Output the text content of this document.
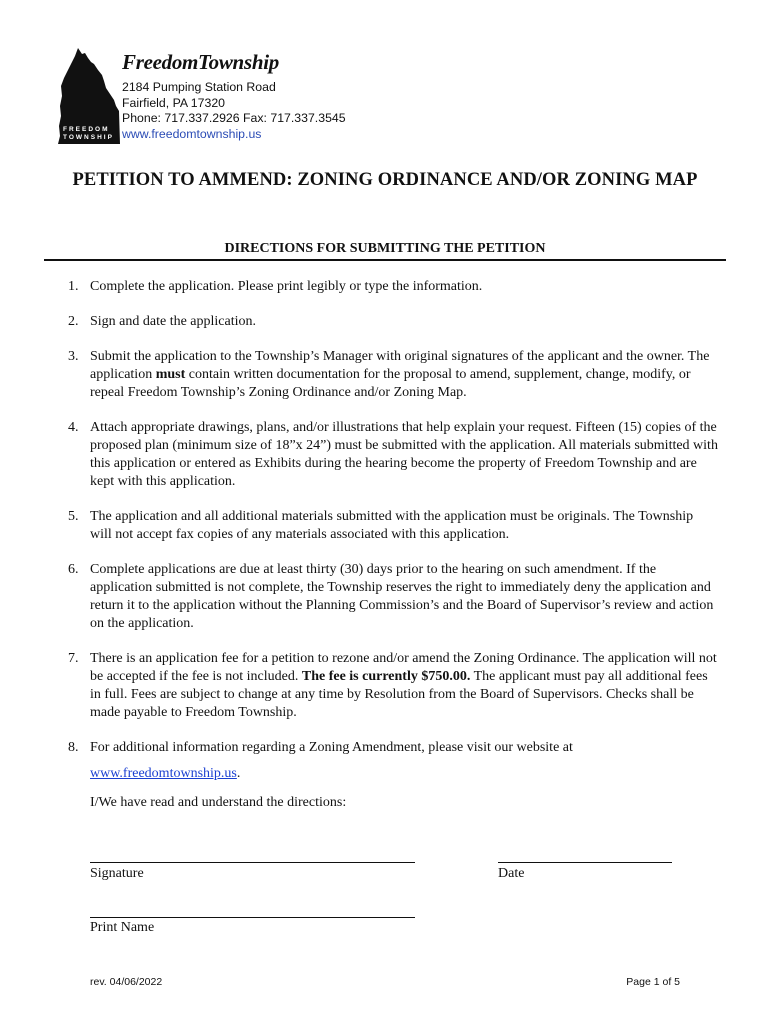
FREEDOM
TOWNSHIP
FreedomTownship
2184 Pumping Station Road
Fairfield, PA 17320
Phone: 717.337.2926 Fax: 717.337.3545
www.freedomtownship.us
PETITION TO AMMEND: ZONING ORDINANCE AND/OR ZONING MAP
DIRECTIONS FOR SUBMITTING THE PETITION
1. Complete the application. Please print legibly or type the information.
2. Sign and date the application.
3. Submit the application to the Township’s Manager with original signatures of the applicant and the owner. The application must contain written documentation for the proposal to amend, supplement, change, modify, or repeal Freedom Township’s Zoning Ordinance and/or Zoning Map.
4. Attach appropriate drawings, plans, and/or illustrations that help explain your request. Fifteen (15) copies of the proposed plan (minimum size of 18”x 24”) must be submitted with the application. All materials submitted with this application or entered as Exhibits during the hearing become the property of Freedom Township and are kept with this application.
5. The application and all additional materials submitted with the application must be originals. The Township will not accept fax copies of any materials associated with this application.
6. Complete applications are due at least thirty (30) days prior to the hearing on such amendment. If the application submitted is not complete, the Township reserves the right to immediately deny the application and return it to the application without the Planning Commission’s and the Board of Supervisor’s review and action on the application.
7. There is an application fee for a petition to rezone and/or amend the Zoning Ordinance. The application will not be accepted if the fee is not included. The fee is currently $750.00. The applicant must pay all additional fees in full. Fees are subject to change at any time by Resolution from the Board of Supervisors. Checks shall be made payable to Freedom Township.
8. For additional information regarding a Zoning Amendment, please visit our website at
www.freedomtownship.us.
I/We have read and understand the directions:
Signature	Date
Print Name
rev. 04/06/2022	Page 1 of 5
